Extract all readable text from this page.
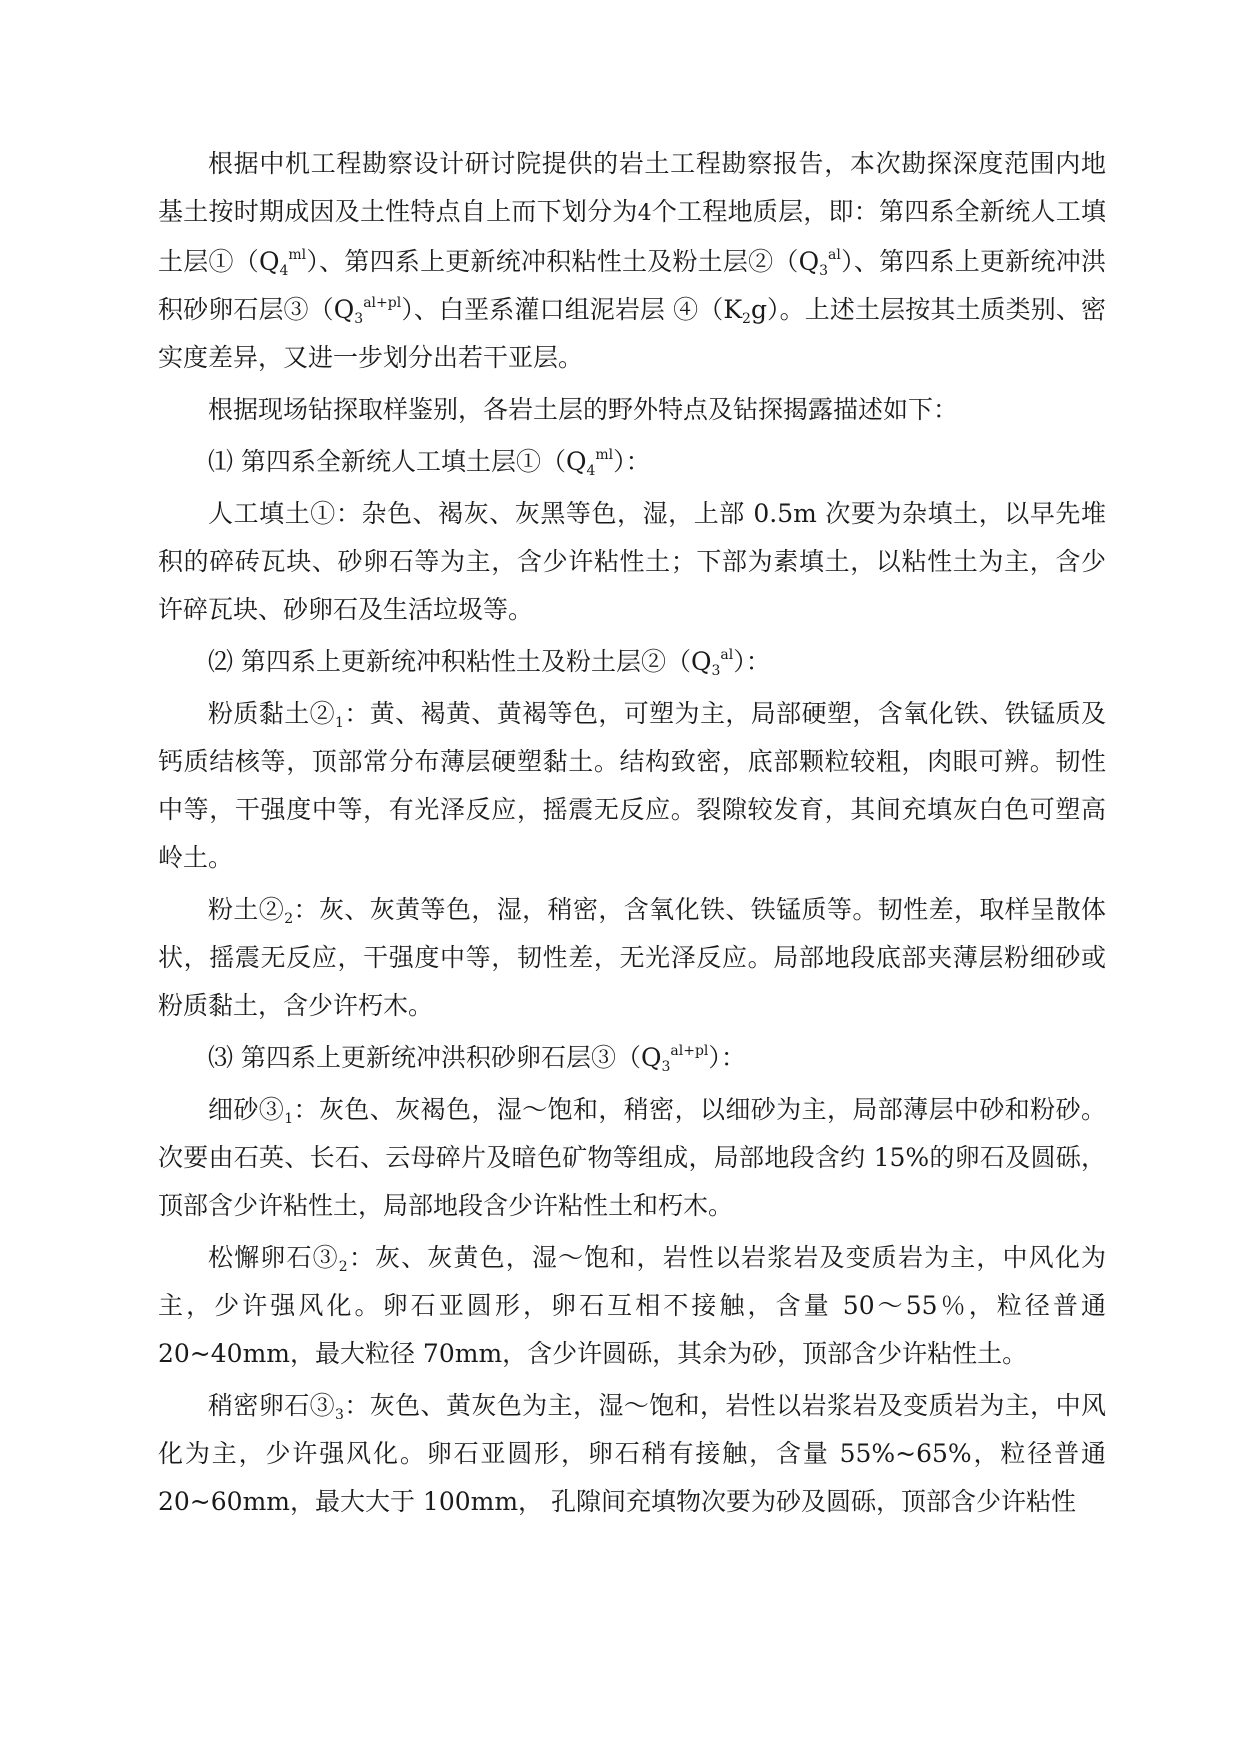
根据中机工程勘察设计研讨院提供的岩土工程勘察报告，本次勘探深度范围内地基土按时期成因及土性特点自上而下划分为4个工程地质层，即：第四系全新统人工填土层$①(Q_4^{ml})$、第四系上更新统冲积粘性土及粉土层$②(Q_3^{al})$、第四系上更新统冲洪积砂卵石层$③(Q_3^{al+pl})$、白垩系灌口组泥岩层 $④(K_2g)$。上述土层按其土质类别、密实度差异，又进一步划分出若干亚层。

根据现场钻探取样鉴别，各岩土层的野外特点及钻探揭露描述如下：

⑴ 第四系全新统人工填土层$①(Q_4^{ml})$：

人工填土①：杂色、褐灰、灰黑等色，湿，上部 0.5m 次要为杂填土，以早先堆积的碎砖瓦块、砂卵石等为主，含少许粘性土；下部为素填土，以粘性土为主，含少许碎瓦块、砂卵石及生活垃圾等。

⑵ 第四系上更新统冲积粘性土及粉土层$②(Q_3^{al})$：

粉质黏土$②_1$：黄、褐黄、黄褐等色，可塑为主，局部硬塑，含氧化铁、铁锰质及钙质结核等，顶部常分布薄层硬塑黏土。结构致密，底部颗粒较粗，肉眼可辨。韧性中等，干强度中等，有光泽反应，摇震无反应。裂隙较发育，其间充填灰白色可塑高岭土。

粉土$②_2$：灰、灰黄等色，湿，稍密，含氧化铁、铁锰质等。韧性差，取样呈散体状，摇震无反应，干强度中等，韧性差，无光泽反应。局部地段底部夹薄层粉细砂或粉质黏土，含少许朽木。

⑶ 第四系上更新统冲洪积砂卵石层$③(Q_3^{al+pl})$：

细砂$③_1$：灰色、灰褐色，湿～饱和，稍密，以细砂为主，局部薄层中砂和粉砂。次要由石英、长石、云母碎片及暗色矿物等组成，局部地段含约 15%的卵石及圆砾，顶部含少许粘性土，局部地段含少许粘性土和朽木。

松懈卵石$③_2$：灰、灰黄色，湿～饱和，岩性以岩浆岩及变质岩为主，中风化为主，少许强风化。卵石亚圆形，卵石互相不接触，含量 50～55％，粒径普通 20~40mm，最大粒径 70mm，含少许圆砾，其余为砂，顶部含少许粘性土。

稍密卵石$③_3$：灰色、黄灰色为主，湿～饱和，岩性以岩浆岩及变质岩为主，中风化为主，少许强风化。卵石亚圆形，卵石稍有接触，含量 55%~65%，粒径普通 20~60mm，最大大于 100mm， 孔隙间充填物次要为砂及圆砾，顶部含少许粘性
